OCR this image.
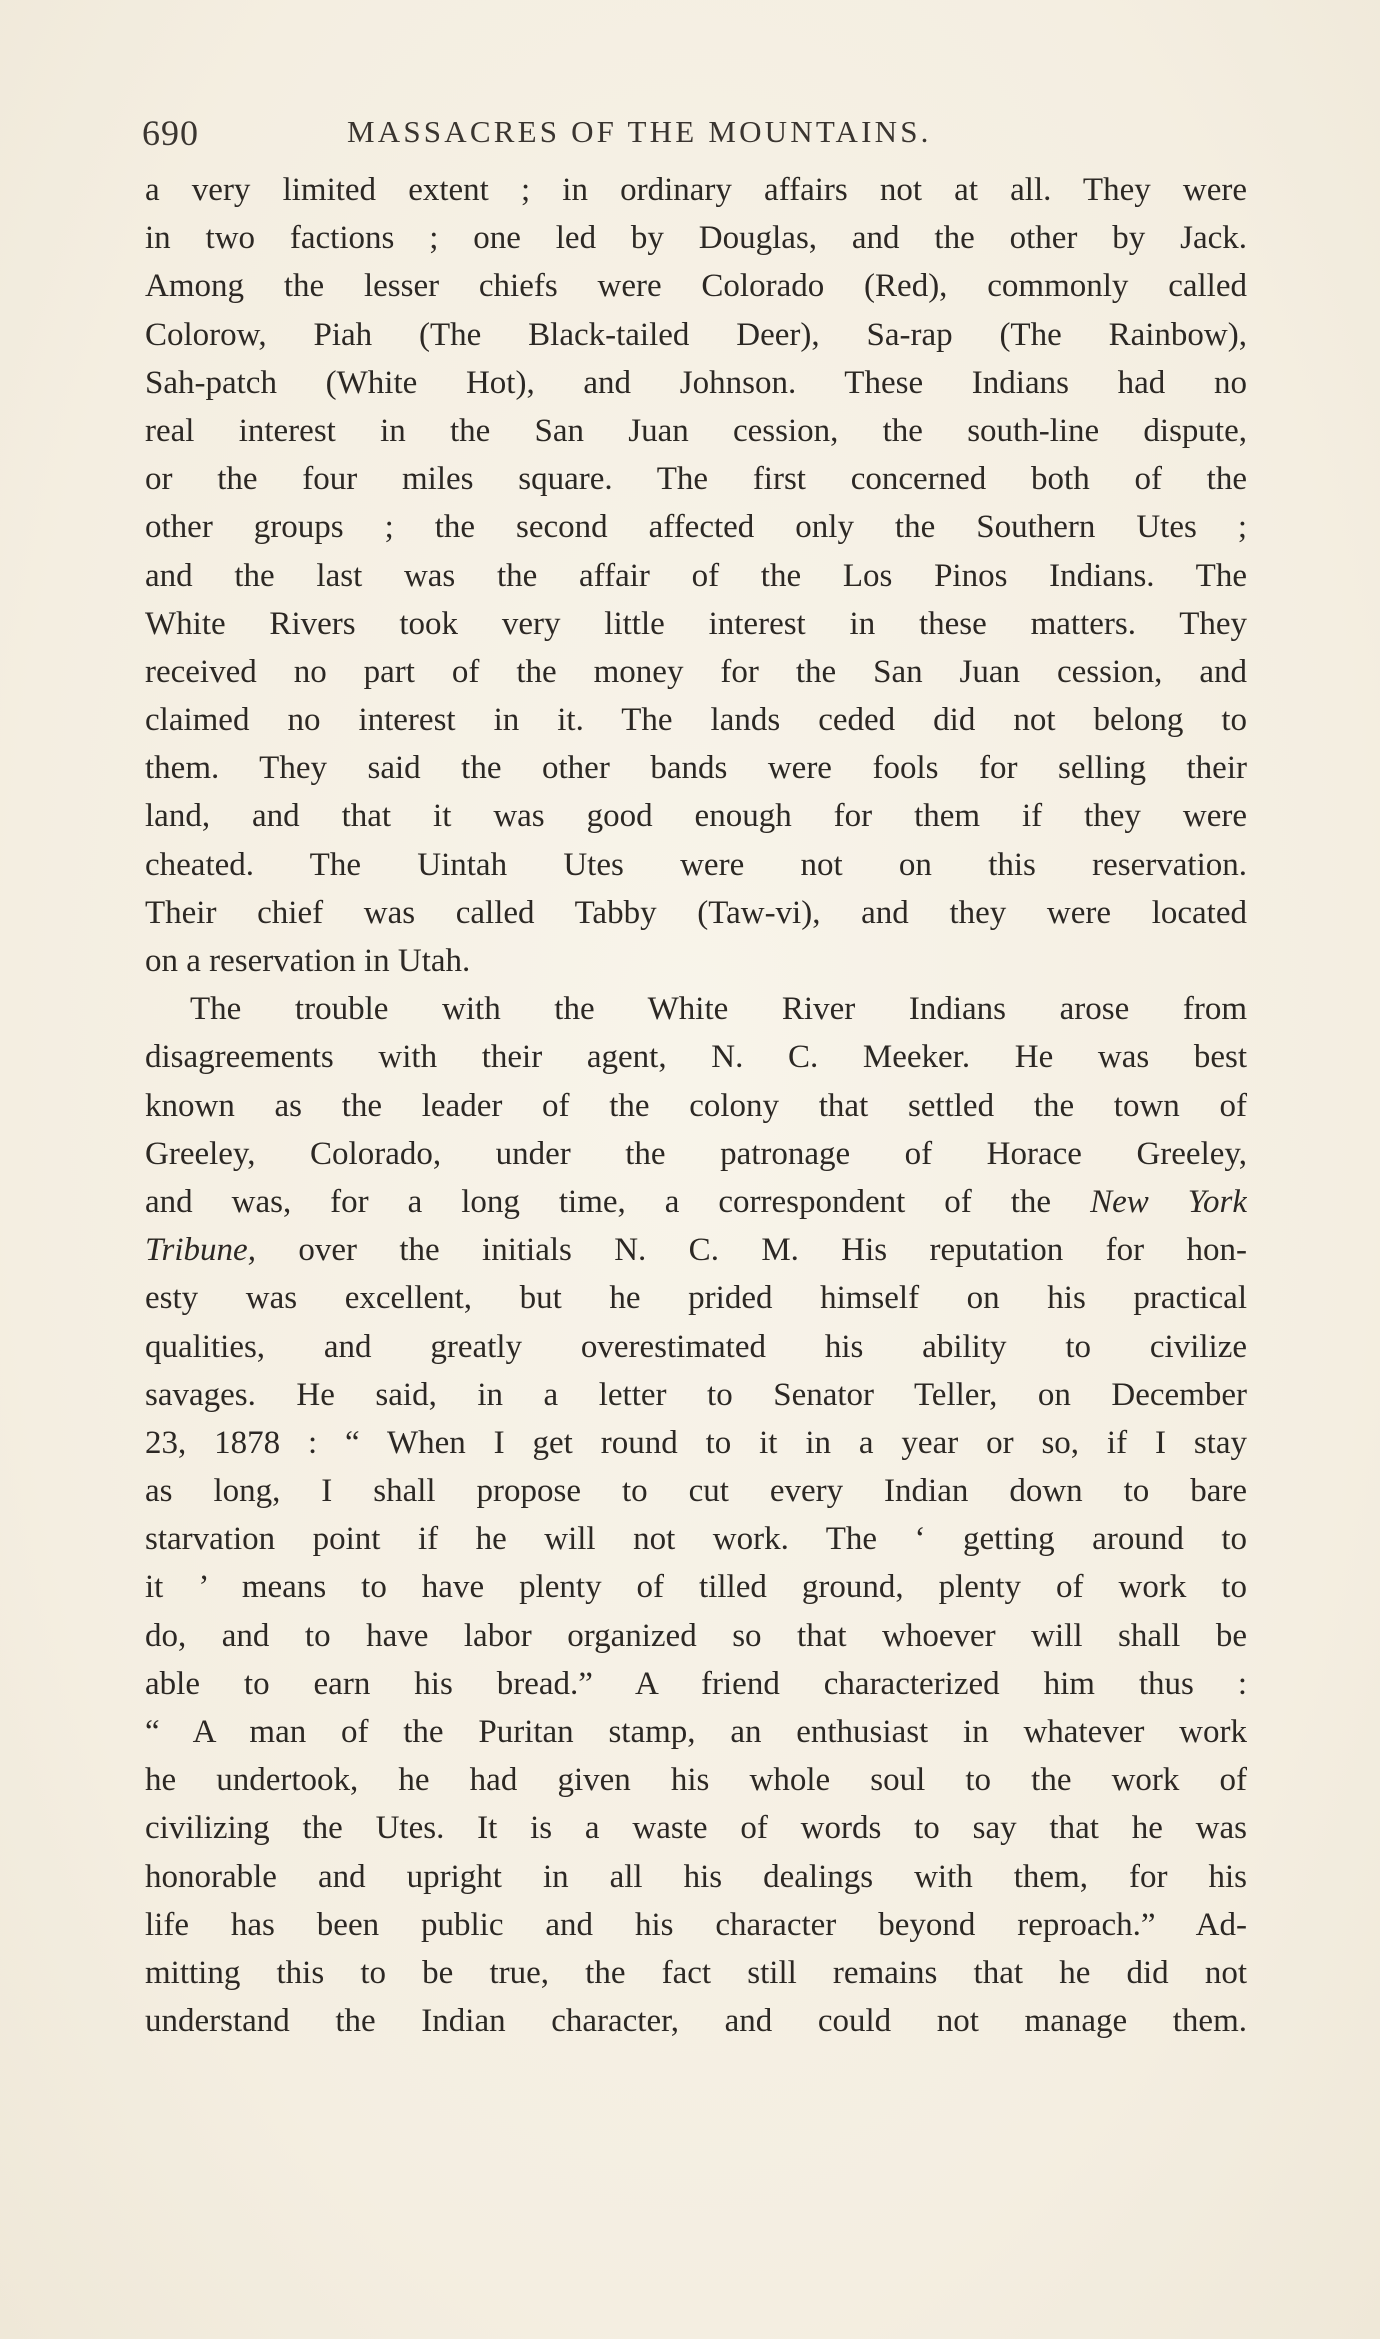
690	MASSACRES OF THE MOUNTAINS.
a very limited extent ; in ordinary affairs not at all. They were
in two factions ; one led by Douglas, and the other by Jack.
Among the lesser chiefs were Colorado (Red), commonly called
Colorow, Piah (The Black-tailed Deer), Sa-rap (The Rainbow),
Sah-patch (White Hot), and Johnson. These Indians had no
real interest in the San Juan cession, the south-line dispute,
or the four miles square. The first concerned both of the
other groups ; the second affected only the Southern Utes ;
and the last was the affair of the Los Pinos Indians. The
White Rivers took very little interest in these matters. They
received no part of the money for the San Juan cession, and
claimed no interest in it. The lands ceded did not belong to
them. They said the other bands were fools for selling their
land, and that it was good enough for them if they were
cheated. The Uintah Utes were not on this reservation.
Their chief was called Tabby (Taw-vi), and they were located
on a reservation in Utah.
The trouble with the White River Indians arose from
disagreements with their agent, N. C. Meeker. He was best
known as the leader of the colony that settled the town of
Greeley, Colorado, under the patronage of Horace Greeley,
and was, for a long time, a correspondent of the New York
Tribune, over the initials N. C. M. His reputation for hon-
esty was excellent, but he prided himself on his practical
qualities, and greatly overestimated his ability to civilize
savages. He said, in a letter to Senator Teller, on December
23, 1878 : “ When I get round to it in a year or so, if I stay
as long, I shall propose to cut every Indian down to bare
starvation point if he will not work. The ‘ getting around to
it ’ means to have plenty of tilled ground, plenty of work to
do, and to have labor organized so that whoever will shall be
able to earn his bread.” A friend characterized him thus :
“ A man of the Puritan stamp, an enthusiast in whatever work
he undertook, he had given his whole soul to the work of
civilizing the Utes. It is a waste of words to say that he was
honorable and upright in all his dealings with them, for his
life has been public and his character beyond reproach.” Ad-
mitting this to be true, the fact still remains that he did not
understand the Indian character, and could not manage them.
